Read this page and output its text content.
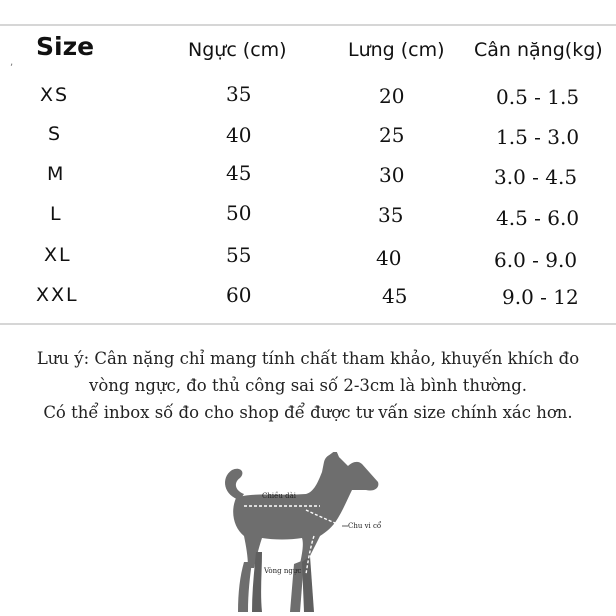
,
Size	Ngực (cm)	Lưng (cm) Cân nặng(kg)
XS	35	20	0.5 - 1.5
S	40	25	1.5 - 3.0
M	45	30	3.0 - 4.5
L	50	35	4.5 - 6.0
XL	55	40	6.0 - 9.0
XXL	60	45	9.0 - 12
Lưu ý: Cân nặng chỉ mang tính chất tham khảo, khuyến khích đo
vòng ngực, đo thủ công sai số 2-3cm là bình thường.
Có thể inbox số đo cho shop để được tư vấn size chính xác hơn.
Chiều dài
Chu vi cổ
Vòng ngực
